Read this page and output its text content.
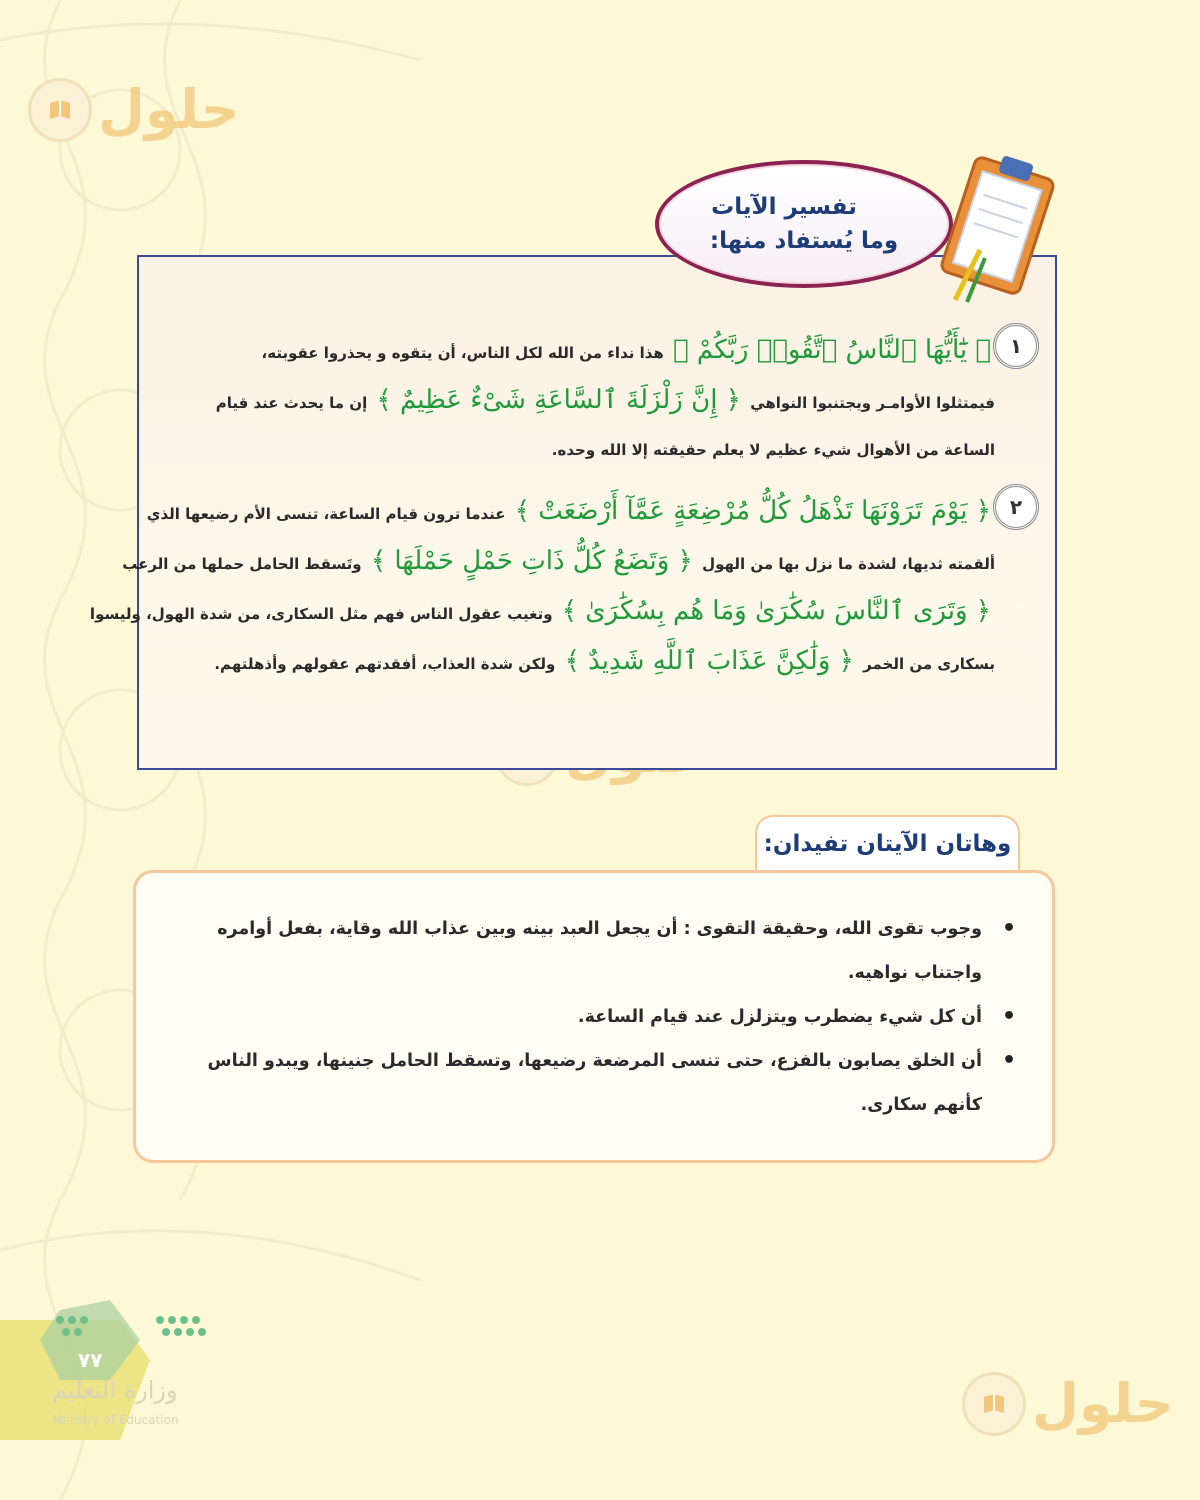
حلول
حلول
١
﴿ يَٰٓأَيُّهَا ٱلنَّاسُ ٱتَّقُوا۟ رَبَّكُمْ ﴾ هذا نداء من الله لكل الناس، أن يتقوه و يحذروا عقوبته،
فيمتثلوا الأوامـر ويجتنبوا النواهي ﴿ إِنَّ زَلْزَلَةَ ٱلسَّاعَةِ شَىْءٌ عَظِيمٌ ﴾ إن ما يحدث عند قيام
الساعة من الأهوال شيء عظيم لا يعلم حقيقته إلا الله وحده.
٢
﴿ يَوْمَ تَرَوْنَهَا تَذْهَلُ كُلُّ مُرْضِعَةٍ عَمَّآ أَرْضَعَتْ ﴾ عندما ترون قيام الساعة، تنسى الأم رضيعها الذي
ألقمته ثديها، لشدة ما نزل بها من الهول ﴿ وَتَضَعُ كُلُّ ذَاتِ حَمْلٍ حَمْلَهَا ﴾ وتَسقط الحامل حملها من الرعب
﴿ وَتَرَى ٱلنَّاسَ سُكَٰرَىٰ وَمَا هُم بِسُكَٰرَىٰ ﴾ وتغيب عقول الناس فهم مثل السكارى، من شدة الهول، وليسوا
بسكارى من الخمر ﴿ وَلَٰكِنَّ عَذَابَ ٱللَّهِ شَدِيدٌ ﴾ ولكن شدة العذاب، أفقدتهم عقولهم وأذهلتهم.
تفسير الآيات
وما يُستفاد منها:
وهاتان الآيتان تفيدان:
• وجوب تقوى الله، وحقيقة التقوى : أن يجعل العبد بينه وبين عذاب الله وقاية، بفعل أوامره واجتناب نواهيه.
• أن كل شيء يضطرب ويتزلزل عند قيام الساعة.
• أن الخلق يصابون بالفزع، حتى تنسى المرضعة رضيعها، وتسقط الحامل جنينها، ويبدو الناس كأنهم سكارى.
٧٧
وزارة التعليم
Ministry of Education
